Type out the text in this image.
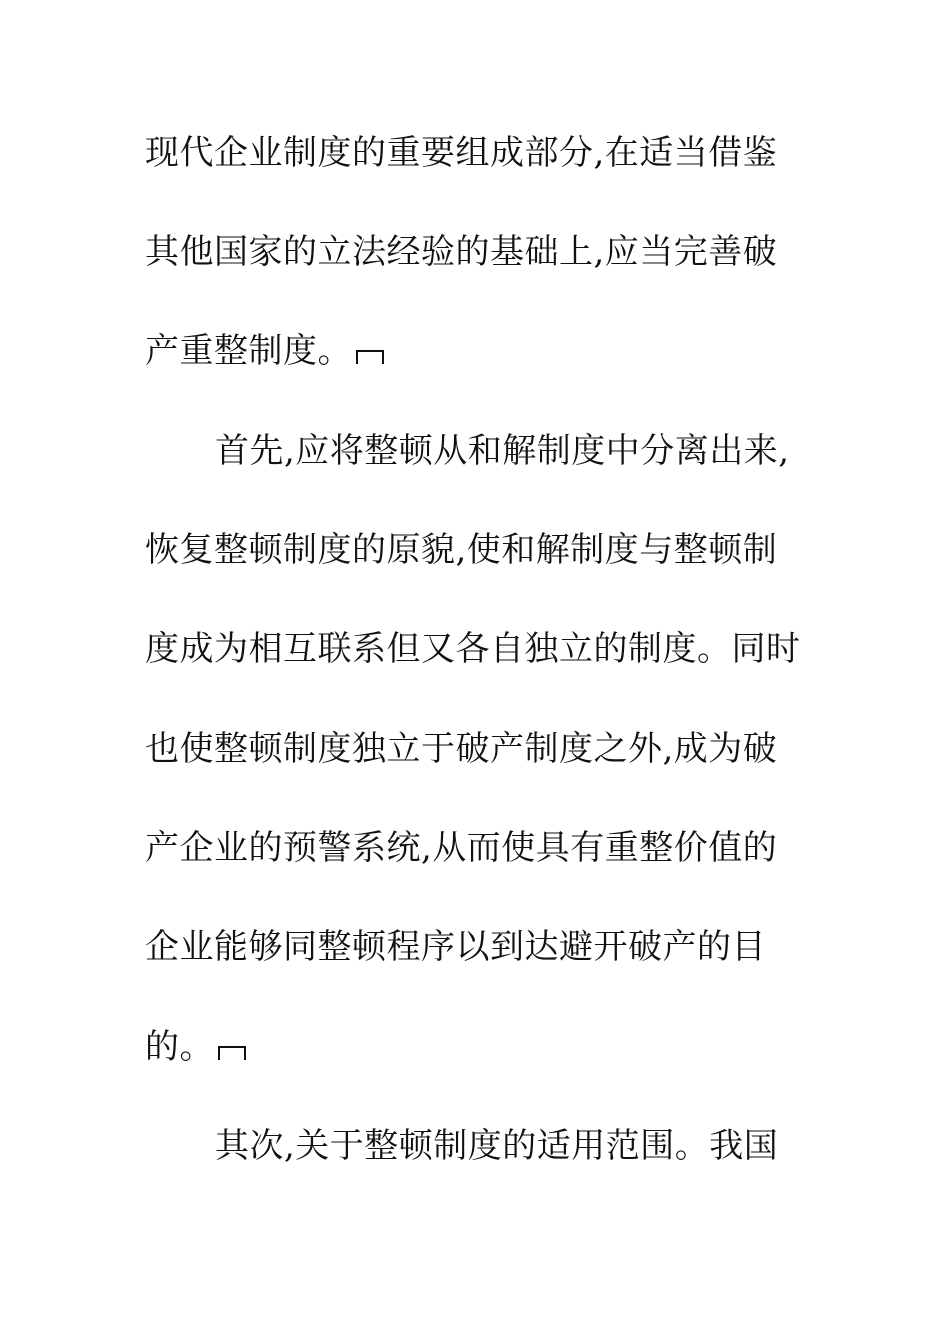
现代企业制度的重要组成部分,在适当借鉴
其他国家的立法经验的基础上,应当完善破
产重整制度。
首先,应将整顿从和解制度中分离出来,
恢复整顿制度的原貌,使和解制度与整顿制
度成为相互联系但又各自独立的制度。同时
也使整顿制度独立于破产制度之外,成为破
产企业的预警系统,从而使具有重整价值的
企业能够同整顿程序以到达避开破产的目
的。
其次,关于整顿制度的适用范围。我国
